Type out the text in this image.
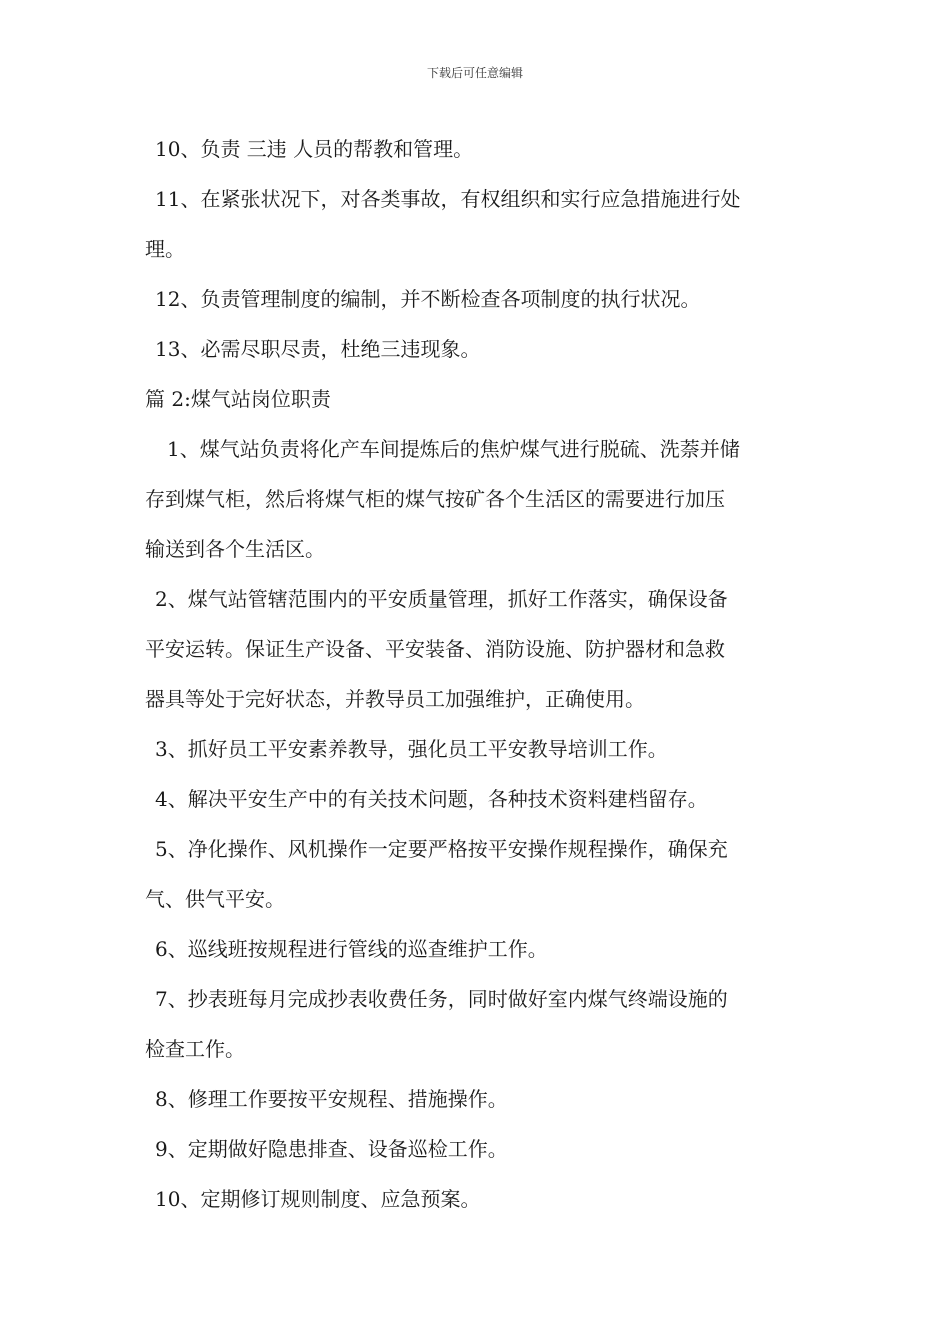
下载后可任意编辑
10、负责 三违 人员的帮教和管理。
11、在紧张状况下，对各类事故，有权组织和实行应急措施进行处
理。
12、负责管理制度的编制，并不断检查各项制度的执行状况。
13、必需尽职尽责，杜绝三违现象。
篇 2:煤气站岗位职责
1、煤气站负责将化产车间提炼后的焦炉煤气进行脱硫、洗萘并储
存到煤气柜，然后将煤气柜的煤气按矿各个生活区的需要进行加压
输送到各个生活区。
2、煤气站管辖范围内的平安质量管理，抓好工作落实，确保设备
平安运转。保证生产设备、平安装备、消防设施、防护器材和急救
器具等处于完好状态，并教导员工加强维护，正确使用。
3、抓好员工平安素养教导，强化员工平安教导培训工作。
4、解决平安生产中的有关技术问题，各种技术资料建档留存。
5、净化操作、风机操作一定要严格按平安操作规程操作，确保充
气、供气平安。
6、巡线班按规程进行管线的巡查维护工作。
7、抄表班每月完成抄表收费任务，同时做好室内煤气终端设施的
检查工作。
8、修理工作要按平安规程、措施操作。
9、定期做好隐患排查、设备巡检工作。
10、定期修订规则制度、应急预案。
